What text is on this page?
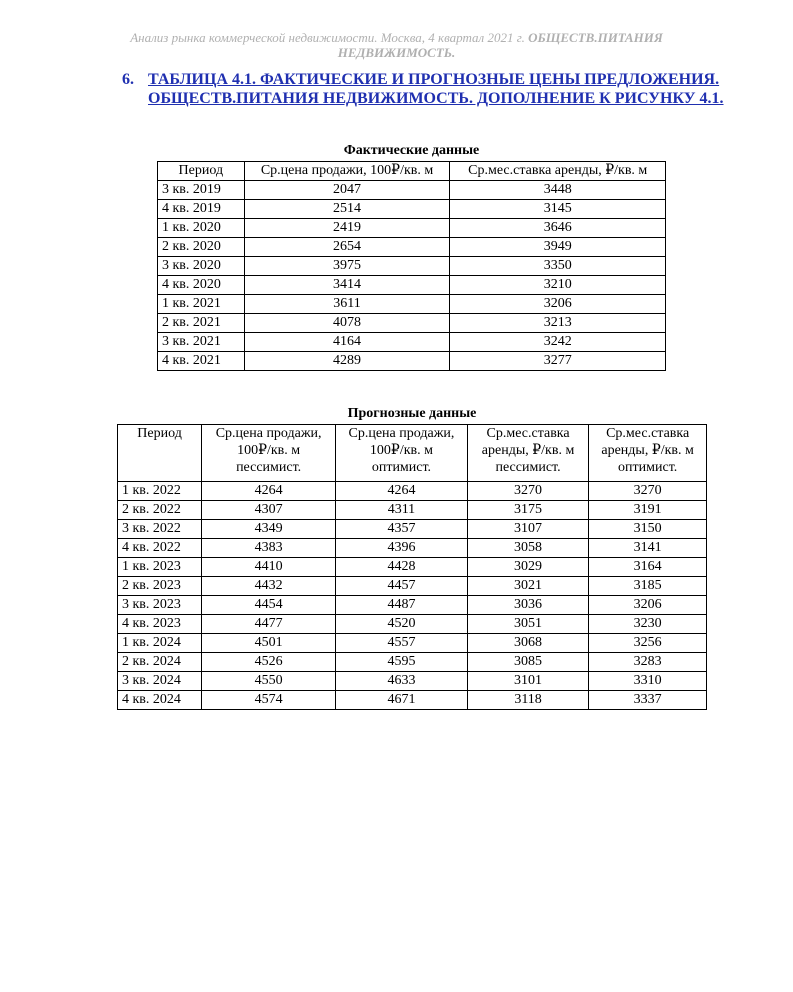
Анализ рынка коммерческой недвижимости. Москва, 4 квартал 2021 г. ОБЩЕСТВ.ПИТАНИЯ
НЕДВИЖИМОСТЬ.
6. ТАБЛИЦА 4.1. ФАКТИЧЕСКИЕ И ПРОГНОЗНЫЕ ЦЕНЫ ПРЕДЛОЖЕНИЯ. ОБЩЕСТВ.ПИТАНИЯ НЕДВИЖИМОСТЬ. ДОПОЛНЕНИЕ К РИСУНКУ 4.1.
Фактичеcкие данные
Период	Ср.цена продажи, 100₽/кв. м	Ср.мес.ставка аренды, ₽/кв. м
3 кв. 2019	2047	3448
4 кв. 2019	2514	3145
1 кв. 2020	2419	3646
2 кв. 2020	2654	3949
3 кв. 2020	3975	3350
4 кв. 2020	3414	3210
1 кв. 2021	3611	3206
2 кв. 2021	4078	3213
3 кв. 2021	4164	3242
4 кв. 2021	4289	3277
Прогнозные данные
Период	Ср.цена продажи, 100₽/кв. м пессимист.	Ср.цена продажи, 100₽/кв. м оптимист.	Ср.мес.ставка аренды, ₽/кв. м пессимист.	Ср.мес.ставка аренды, ₽/кв. м оптимист.
1 кв. 2022	4264	4264	3270	3270
2 кв. 2022	4307	4311	3175	3191
3 кв. 2022	4349	4357	3107	3150
4 кв. 2022	4383	4396	3058	3141
1 кв. 2023	4410	4428	3029	3164
2 кв. 2023	4432	4457	3021	3185
3 кв. 2023	4454	4487	3036	3206
4 кв. 2023	4477	4520	3051	3230
1 кв. 2024	4501	4557	3068	3256
2 кв. 2024	4526	4595	3085	3283
3 кв. 2024	4550	4633	3101	3310
4 кв. 2024	4574	4671	3118	3337
